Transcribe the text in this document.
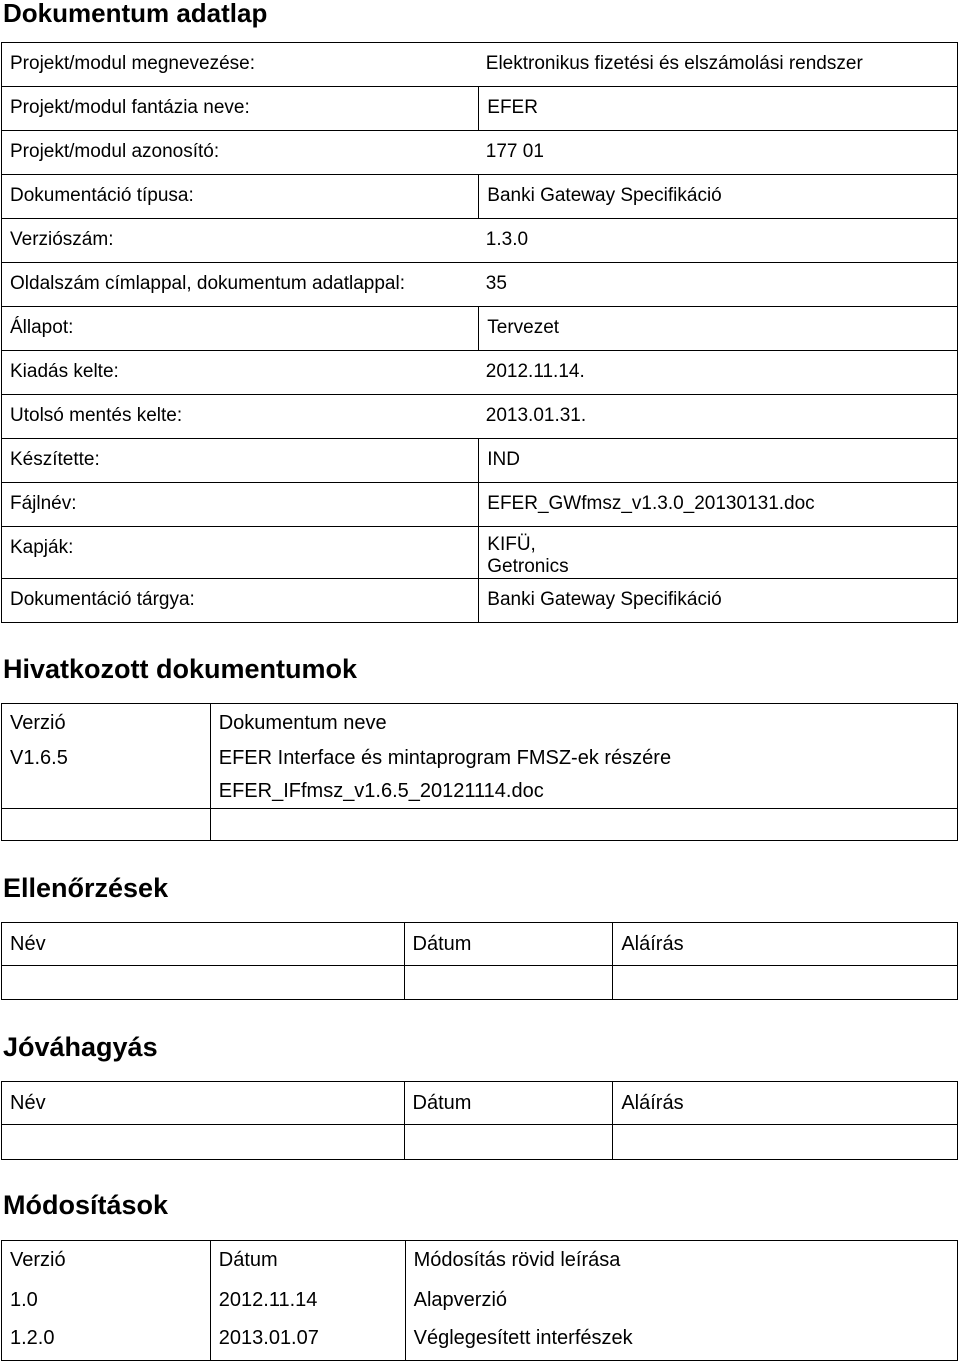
Dokumentum adatlap
Projekt/modul megnevezése:	Elektronikus fizetési és elszámolási rendszer
Projekt/modul fantázia neve:	EFER
Projekt/modul azonosító:	177 01
Dokumentáció típusa:	Banki Gateway Specifikáció
Verziószám:	1.3.0
Oldalszám címlappal, dokumentum adatlappal:	35
Állapot:	Tervezet
Kiadás kelte:	2012.11.14.
Utolsó mentés kelte:	2013.01.31.
Készítette:	IND
Fájlnév:	EFER_GWfmsz_v1.3.0_20130131.doc
Kapják:	KIFÜ,
Getronics

Dokumentáció tárgya:	Banki Gateway Specifikáció
Hivatkozott dokumentumok
Verzió	Dokumentum neve
V1.6.5	EFER Interface és mintaprogram FMSZ-ek részére
EFER_IFfmsz_v1.6.5_20121114.doc

Ellenőrzések
Név	Dátum	Aláírás

Jóváhagyás
Név	Dátum	Aláírás

Módosítások
Verzió	Dátum	Módosítás rövid leírása
1.0	2012.11.14	Alapverzió
1.2.0	2013.01.07	Véglegesített interfészek
